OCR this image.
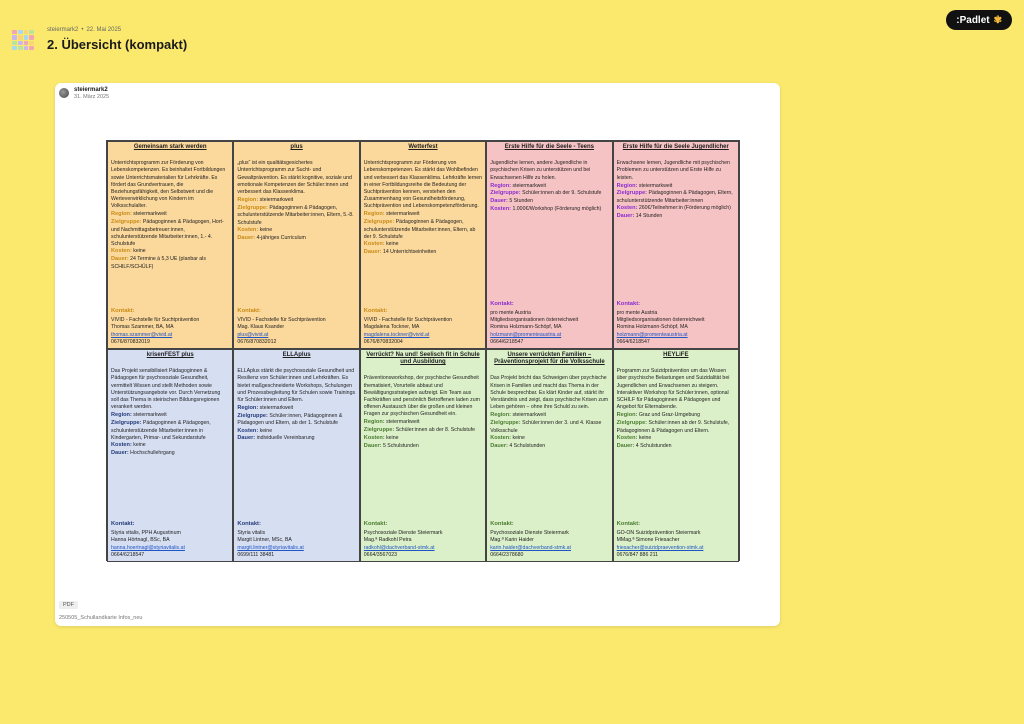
steiermark2 • 22. Mai 2025
2. Übersicht (kompakt)
:Padlet ✾
steiermark2
31. März 2025
Gemeinsam stark werden
Unterrichtsprogramm zur Förderung von Lebenskompetenzen. Es beinhaltet Fortbildungen sowie Unterrichtsmaterialien für Lehrkräfte. Es fördert das Grundvertrauen, die Beziehungsfähigkeit, den Selbstwert und die Werteverwirklichung von Kindern im Volksschulalter.
Region: steiermarkweit
Zielgruppe: Pädagoginnen & Pädagogen, Hort- und Nachmittagsbetreuer:innen, schulunterstützende Mitarbeiter:innen, 1.- 4. Schulstufe
Kosten: keine
Dauer: 24 Termine à 5,3 UE (planbar als SCHILF/SCHÜLF)
Kontakt:
VIVID - Fachstelle für Suchtprävention
Thomas Szammer, BA, MA
thomas.szammer@vivid.at
0676/870832019
plus
„plus“ ist ein qualitätsgesichertes Unterrichtsprogramm zur Sucht- und Gewaltprävention. Es stärkt kognitive, soziale und emotionale Kompetenzen der Schüler:innen und verbessert das Klassenklima.
Region: steiermarkweit
Zielgruppe: Pädagoginnen & Pädagogen, schulunterstützende Mitarbeiter:innen, Eltern, 5.-8. Schulstufe
Kosten: keine
Dauer: 4-jähriges Curriculum
Kontakt:
VIVID - Fachstelle für Suchtprävention
Mag. Klaus Ksander
plus@vivid.at
0676/870832012
Wetterfest
Unterrichtsprogramm zur Förderung von Lebenskompetenzen. Es stärkt das Wohlbefinden und verbessert das Klassenklima. Lehrkräfte lernen in einer Fortbildungsreihe die Bedeutung der Suchtprävention kennen, verstehen den Zusammenhang von Gesundheitsförderung, Suchtprävention und Lebenskompetenzförderung.
Region: steiermarkweit
Zielgruppe: Pädagoginnen & Pädagogen, schulunterstützende Mitarbeiter:innen, Eltern, ab der 9. Schulstufe
Kosten: keine
Dauer: 14 Unterrichtseinheiten
Kontakt:
VIVID - Fachstelle für Suchtprävention
Magdalena Tockner, MA
magdalena.tockner@vivid.at
0676/870832004
Erste Hilfe für die Seele - Teens
Jugendliche lernen, andere Jugendliche in psychischen Krisen zu unterstützen und bei Erwachsenen Hilfe zu holen.
Region: steiermarkweit
Zielgruppe: Schüler:innen ab der 9. Schulstufe
Dauer: 5 Stunden
Kosten: 1.000€/Workshop (Förderung möglich)
Kontakt:
pro mente Austria
Mitgliedsorganisationen österreichweit
Romina Holzmann-Schöpf, MA
holzmann@promenteaustria.at
0664/6218547
Erste Hilfe für die Seele Jugendlicher
Erwachsene lernen, Jugendliche mit psychischen Problemen zu unterstützen und Erste Hilfe zu leisten.
Region: steiermarkweit
Zielgruppe: Pädagoginnen & Pädagogen, Eltern, schulunterstützende Mitarbeiter:innen
Kosten: 260€/Teilnehmer:in (Förderung möglich)
Dauer: 14 Stunden
Kontakt:
pro mente Austria
Mitgliedsorganisationen österreichweit
Romina Holzmann-Schöpf, MA
holzmann@promenteaustria.at
0664/6218547
krisenFEST plus
Das Projekt sensibilisiert Pädagoginnen & Pädagogen für psychosoziale Gesundheit, vermittelt Wissen und stellt Methoden sowie Unterstützungsangebote vor. Durch Vernetzung soll das Thema in steirischen Bildungsregionen verankert werden.
Region: steiermarkweit
Zielgruppe: Pädagoginnen & Pädagogen, schulunterstützende Mitarbeiter:innen in Kindergarten, Primar- und Sekundarstufe
Kosten: keine
Dauer: Hochschullehrgang
Kontakt:
Styria vitalis, PPH Augustinum
Hanna Hörtnagl, BSc, BA
hanna.hoertnagl@styriavitalis.at
0664/6218547
ELLAplus
ELLAplus stärkt die psychosoziale Gesundheit und Resilienz von Schüler:innen und Lehrkräften. Es bietet maßgeschneiderte Workshops, Schulungen und Prozessbegleitung für Schulen sowie Trainings für Schüler:innen und Eltern.
Region: steiermarkweit
Zielgruppe: Schüler:innen, Pädagoginnen & Pädagogen und Eltern, ab der 1. Schulstufe
Kosten: keine
Dauer: individuelle Vereinbarung
Kontakt:
Styria vitalis
Margit Lintner, MSc, BA
margit.lintner@styriavitalis.at
0699/111 38481
Verrückt? Na und! Seelisch fit in Schule und Ausbildung
Präventionsworkshop, der psychische Gesundheit thematisiert, Vorurteile abbaut und Bewältigungsstrategien aufzeigt. Ein Team aus Fachkräften und persönlich Betroffenen laden zum offenen Austausch über die großen und kleinen Fragen zur psychischen Gesundheit ein.
Region: steiermarkweit
Zielgruppe: Schüler:innen ab der 8. Schulstufe
Kosten: keine
Dauer: 5 Schulstunden
Kontakt:
Psychosoziale Dienste Steiermark
Mag.ª Radkohl Petra
radkohl@dachverband-stmk.at
0664/3567023
Unsere verrückten Familien – Präventionsprojekt für die Volksschule
Das Projekt bricht das Schweigen über psychische Krisen in Familien und macht das Thema in der Schule besprechbar. Es klärt Kinder auf, stärkt ihr Verständnis und zeigt, dass psychische Krisen zum Leben gehören – ohne ihre Schuld zu sein.
Region: steiermarkweit
Zielgruppe: Schüler:innen der 3. und 4. Klasse Volksschule
Kosten: keine
Dauer: 4 Schulstunden
Kontakt:
Psychosoziale Dienste Steiermark
Mag.ª Karin Haider
karin.haider@dachverband-stmk.at
0664/2378680
HEYLiFE
Programm zur Suizidprävention um das Wissen über psychische Belastungen und Suizidalität bei Jugendlichen und Erwachsenen zu steigern. Interaktiver Workshop für Schüler:innen, optional SCHILF für Pädagoginnen & Pädagogen und Angebot für Elternabende.
Region: Graz und Graz-Umgebung
Zielgruppe: Schüler:innen ab der 9. Schulstufe, Pädagoginnen & Pädagogen und Eltern.
Kosten: keine
Dauer: 4 Schulstunden
Kontakt:
GO-ON Suizidprävention Steiermark
MMag.ª Simone Friesacher
friesacher@suizidpraevention-stmk.at
0676/847 886 211
PDF
250505_Schullandkarte Infos_neu
